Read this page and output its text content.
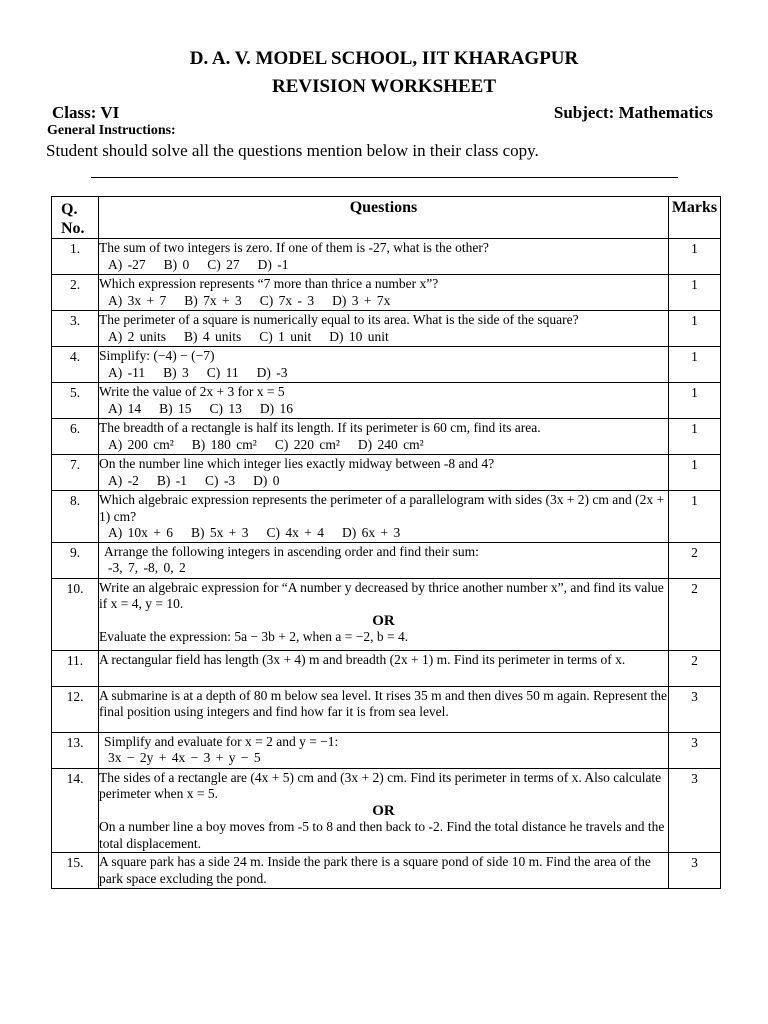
D. A. V. MODEL SCHOOL, IIT KHARAGPUR
REVISION WORKSHEET
Class: VI	Subject: Mathematics
General Instructions:
Student should solve all the questions mention below in their class copy.
Q. No.	Questions	Marks
1.	The sum of two integers is zero. If one of them is -27, what is the other?
A) -27 B) 0 C) 27 D) -1	1
2.	Which expression represents “7 more than thrice a number x”?
A) 3x + 7 B) 7x + 3 C) 7x - 3 D) 3 + 7x	1
3.	The perimeter of a square is numerically equal to its area. What is the side of the square?
A) 2 units B) 4 units C) 1 unit D) 10 unit	1
4.	Simplify: (−4) − (−7)
A) -11 B) 3 C) 11 D) -3	1
5.	Write the value of 2x + 3 for x = 5
A) 14 B) 15 C) 13 D) 16	1
6.	The breadth of a rectangle is half its length. If its perimeter is 60 cm, find its area.
A) 200 cm² B) 180 cm² C) 220 cm² D) 240 cm²	1
7.	On the number line which integer lies exactly midway between -8 and 4?
A) -2 B) -1 C) -3 D) 0	1
8.	Which algebraic expression represents the perimeter of a parallelogram with sides (3x + 2) cm and (2x + 1) cm?
A) 10x + 6 B) 5x + 3 C) 4x + 4 D) 6x + 3	1
9.	Arrange the following integers in ascending order and find their sum:
-3, 7, -8, 0, 2	2
10.	Write an algebraic expression for “A number y decreased by thrice another number x”, and find its value if x = 4, y = 10.
OR
Evaluate the expression: 5a − 3b + 2, when a = −2, b = 4.	2
11.	A rectangular field has length (3x + 4) m and breadth (2x + 1) m. Find its perimeter in terms of x.	2
12.	A submarine is at a depth of 80 m below sea level. It rises 35 m and then dives 50 m again. Represent the final position using integers and find how far it is from sea level.	3
13.	Simplify and evaluate for x = 2 and y = −1:
3x − 2y + 4x − 3 + y − 5	3
14.	The sides of a rectangle are (4x + 5) cm and (3x + 2) cm. Find its perimeter in terms of x. Also calculate perimeter when x = 5.
OR
On a number line a boy moves from -5 to 8 and then back to -2. Find the total distance he travels and the total displacement.	3
15.	A square park has a side 24 m. Inside the park there is a square pond of side 10 m. Find the area of the park space excluding the pond.	3
